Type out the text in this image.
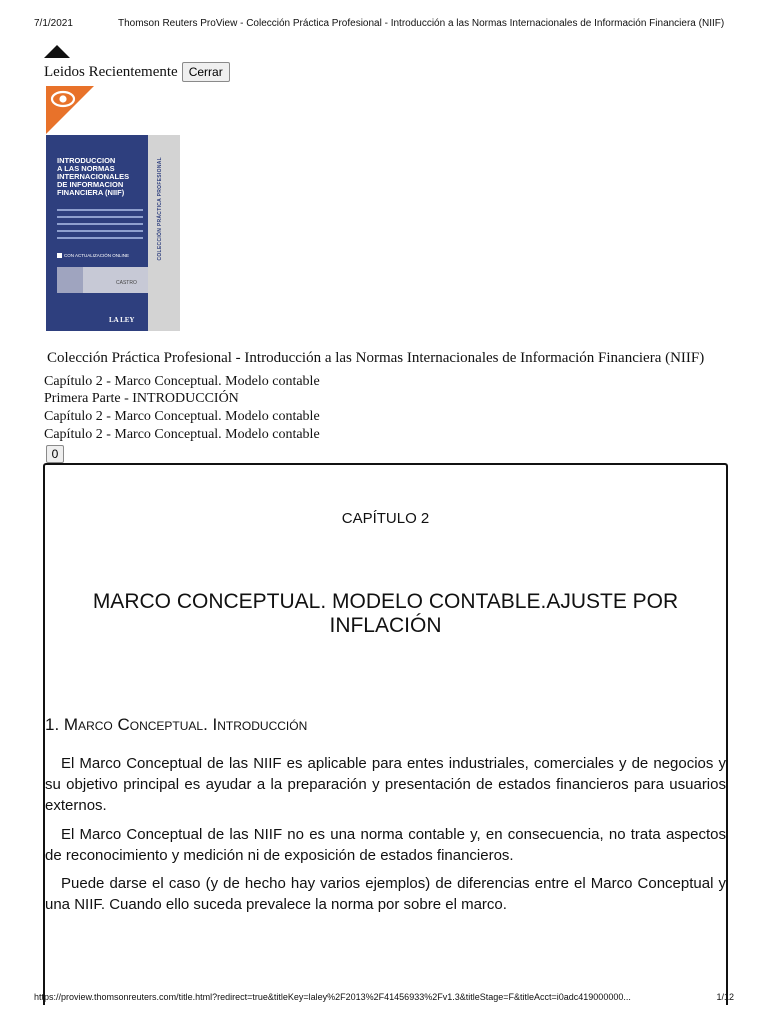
7/1/2021	Thomson Reuters ProView - Colección Práctica Profesional - Introducción a las Normas Internacionales de Información Financiera (NIIF)
Leidos Recientemente Cerrar
INTRODUCCION
A LAS NORMAS
INTERNACIONALES
DE INFORMACION
FINANCIERA (NIIF)
CON ACTUALIZACIÓN ONLINE
CASTRO
LA LEY
COLECCIÓN PRÁCTICA PROFESIONAL
Colección Práctica Profesional - Introducción a las Normas Internacionales de Información Financiera (NIIF)
Capítulo 2 - Marco Conceptual. Modelo contable
Primera Parte - INTRODUCCIÓN
Capítulo 2 - Marco Conceptual. Modelo contable
Capítulo 2 - Marco Conceptual. Modelo contable
0
CAPÍTULO 2
MARCO CONCEPTUAL. MODELO CONTABLE.AJUSTE POR INFLACIÓN
1. Marco Conceptual. Introducción

El Marco Conceptual de las NIIF es aplicable para entes industriales, comerciales y de negocios y su objetivo principal es ayudar a la preparación y presentación de estados financieros para usuarios externos.

El Marco Conceptual de las NIIF no es una norma contable y, en consecuencia, no trata aspectos de reconocimiento y medición ni de exposición de estados financieros.

Puede darse el caso (y de hecho hay varios ejemplos) de diferencias entre el Marco Conceptual y una NIIF. Cuando ello suceda prevalece la norma por sobre el marco.

https://proview.thomsonreuters.com/title.html?redirect=true&titleKey=laley%2F2013%2F41456933%2Fv1.3&titleStage=F&titleAcct=i0adc419000000...	1/12
